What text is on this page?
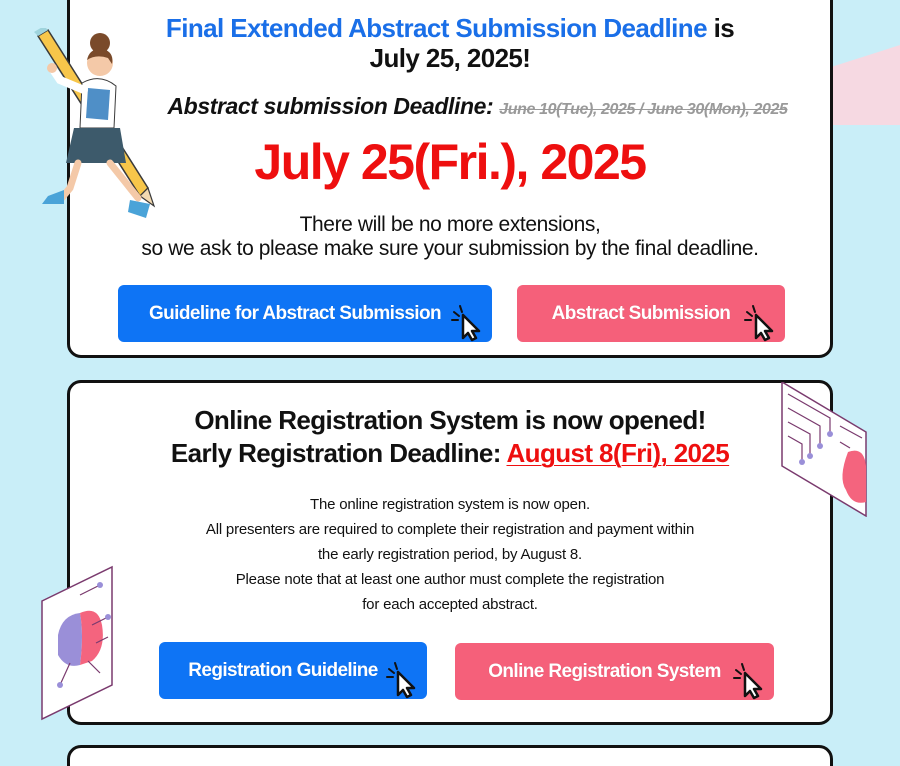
Final Extended Abstract Submission Deadline is
July 25, 2025!
Abstract submission Deadline: June 10(Tue), 2025 / June 30(Mon), 2025
July 25(Fri.), 2025
There will be no more extensions,
so we ask to please make sure your submission by the final deadline.
Guideline for Abstract Submission	Abstract Submission
Online Registration System is now opened!
Early Registration Deadline: August 8(Fri), 2025
The online registration system is now open.
All presenters are required to complete their registration and payment within
the early registration period, by August 8.
Please note that at least one author must complete the registration
for each accepted abstract.
Registration Guideline	Online Registration System
